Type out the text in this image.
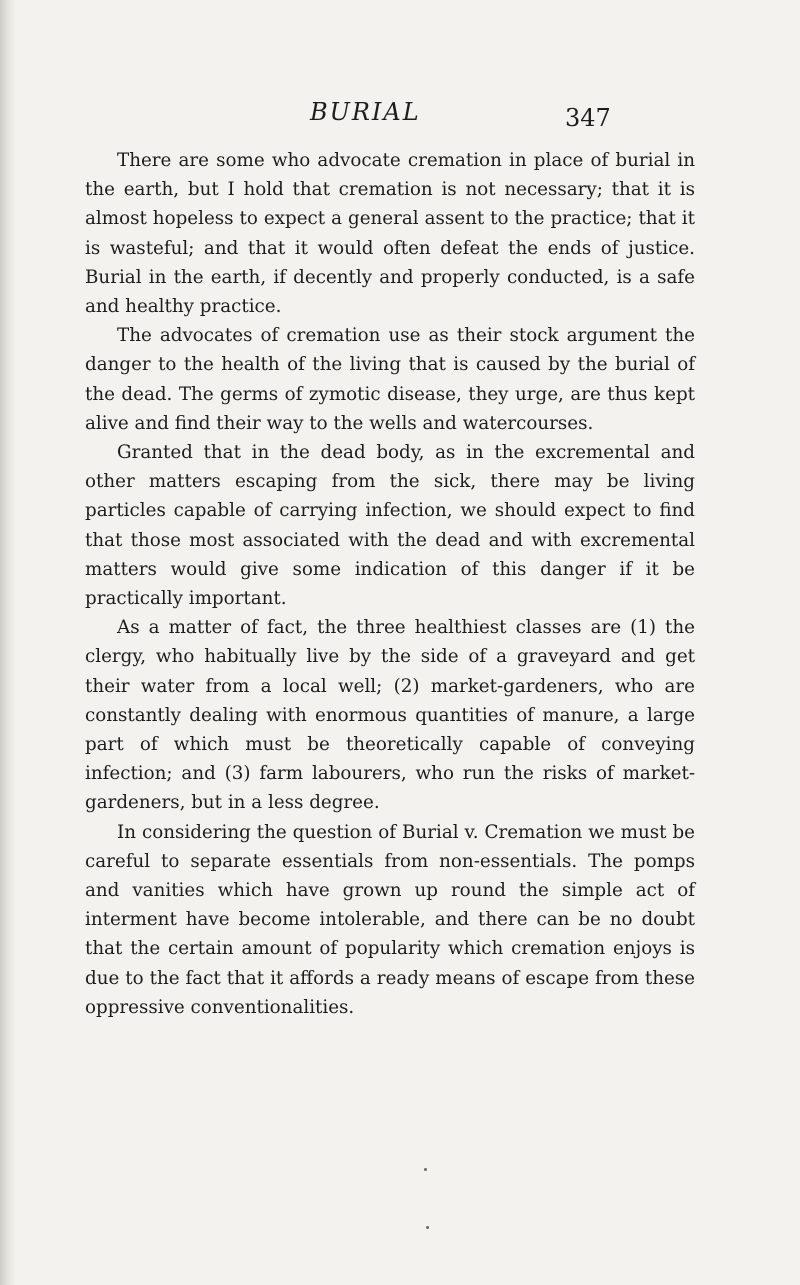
BURIAL	347

There are some who advocate cremation in place of burial in the earth, but I hold that cremation is not necessary; that it is almost hopeless to expect a general assent to the practice; that it is wasteful; and that it would often defeat the ends of justice. Burial in the earth, if decently and properly conducted, is a safe and healthy practice.

The advocates of cremation use as their stock argument the danger to the health of the living that is caused by the burial of the dead. The germs of zymotic disease, they urge, are thus kept alive and find their way to the wells and watercourses.

Granted that in the dead body, as in the excremental and other matters escaping from the sick, there may be living particles capable of carrying infection, we should expect to find that those most associated with the dead and with excremental matters would give some indication of this danger if it be practically important.

As a matter of fact, the three healthiest classes are (1) the clergy, who habitually live by the side of a graveyard and get their water from a local well; (2) market-gardeners, who are constantly dealing with enormous quantities of manure, a large part of which must be theoretically capable of conveying infection; and (3) farm labourers, who run the risks of market-gardeners, but in a less degree.

In considering the question of Burial v. Cremation we must be careful to separate essentials from non-essentials. The pomps and vanities which have grown up round the simple act of interment have become intolerable, and there can be no doubt that the certain amount of popularity which cremation enjoys is due to the fact that it affords a ready means of escape from these oppressive conventionalities.
